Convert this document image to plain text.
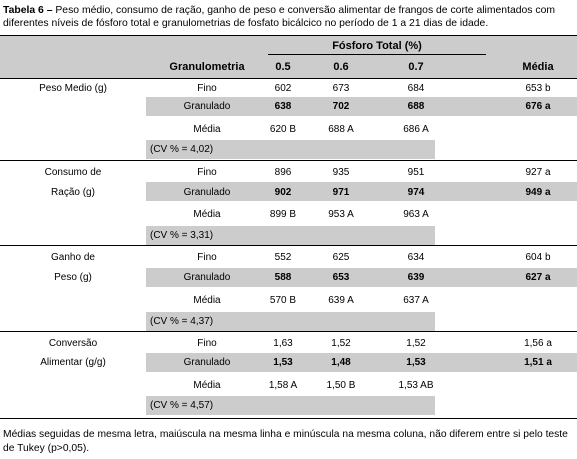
Tabela 6 – Peso médio, consumo de ração, ganho de peso e conversão alimentar de frangos de corte alimentados com diferentes níveis de fósforo total e granulometrias de fosfato bicálcico no período de 1 a 21 dias de idade.
Fósforo Total (%)
Granulometria	0.5	0.6	0.7	Média
Peso Medio (g)	Fino	602	673	684	653 b
Granulado	638	702	688	676 a
Média	620 B	688 A	686 A
(CV % = 4,02)
Consumo de
Ração (g)
Fino	896	935	951	927 a
Granulado	902	971	974	949 a
Média	899 B	953 A	963 A
(CV % = 3,31)
Ganho de
Peso (g)
Fino	552	625	634	604 b
Granulado	588	653	639	627 a
Média	570 B	639 A	637 A
(CV % = 4,37)
Conversão
Alimentar (g/g)
Fino	1,63	1,52	1,52	1,56 a
Granulado	1,53	1,48	1,53	1,51 a
Média	1,58 A	1,50 B	1,53 AB
(CV % = 4,57)
Médias seguidas de mesma letra, maiúscula na mesma linha e minúscula na mesma coluna, não diferem entre si pelo teste de Tukey (p>0,05).
